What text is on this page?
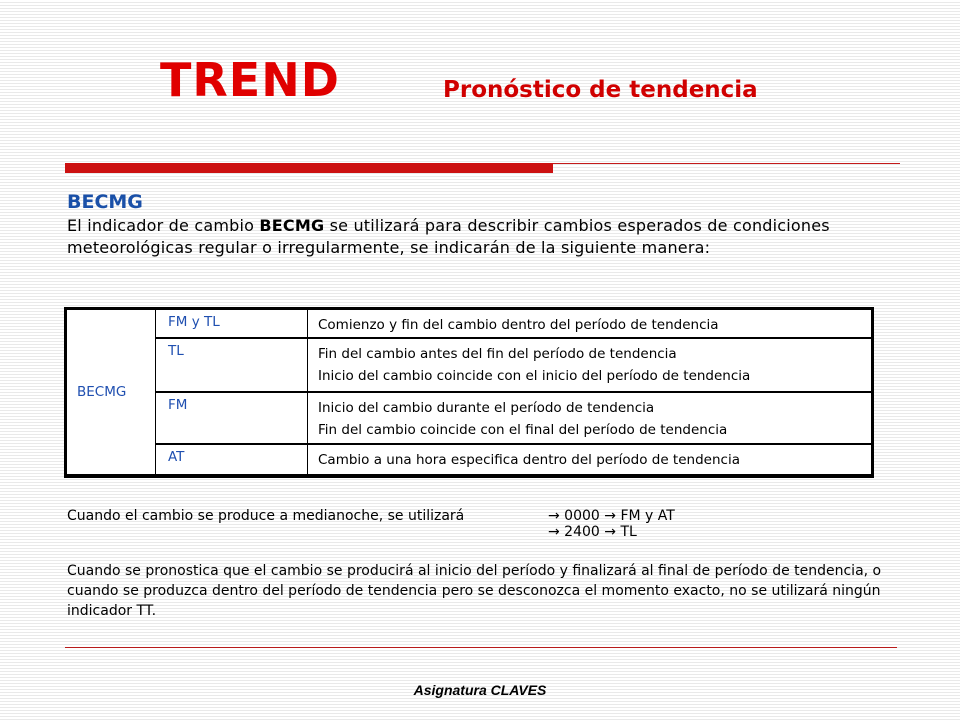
TREND	Pronóstico de tendencia
BECMG

El indicador de cambio BECMG se utilizará para describir cambios esperados de condiciones meteorológicas regular o irregularmente, se indicarán de la siguiente manera:

BECMG	FM y TL	Comienzo y fin del cambio dentro del período de tendencia

	TL	Fin del cambio antes del fin del período de tendencia
Inicio del cambio coincide con el inicio del período de tendencia

	FM	Inicio del cambio durante el período de tendencia
Fin del cambio coincide con el final del período de tendencia

	AT	Cambio a una hora especifica dentro del período de tendencia
Cuando el cambio se produce a medianoche, se utilizará	→ 0000 → FM y AT
→ 2400 → TL

Cuando se pronostica que el cambio se producirá al inicio del período y finalizará al final de período de tendencia, o cuando se produzca dentro del período de tendencia pero se desconozca el momento exacto, no se utilizará ningún indicador TT.

Asignatura CLAVES
